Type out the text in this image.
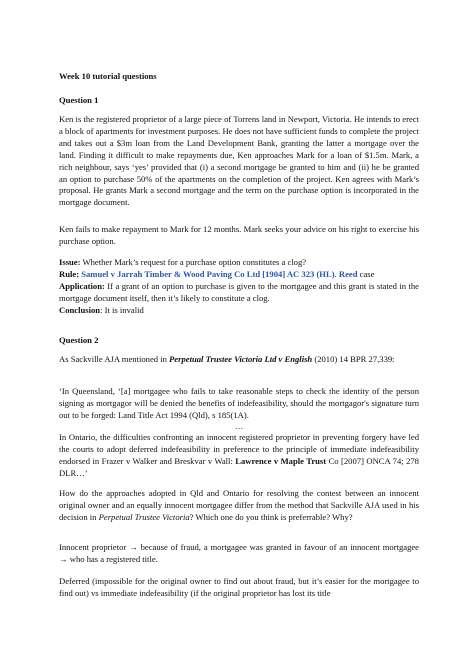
Week 10 tutorial questions
Question 1
Ken is the registered proprietor of a large piece of Torrens land in Newport, Victoria. He intends to erect a block of apartments for investment purposes. He does not have sufficient funds to complete the project and takes out a $3m loan from the Land Development Bank, granting the latter a mortgage over the land. Finding it difficult to make repayments due, Ken approaches Mark for a loan of $1.5m. Mark, a rich neighbour, says ‘yes’ provided that (i) a second mortgage be granted to him and (ii) he be granted an option to purchase 50% of the apartments on the completion of the project. Ken agrees with Mark’s proposal. He grants Mark a second mortgage and the term on the purchase option is incorporated in the mortgage document.
Ken fails to make repayment to Mark for 12 months. Mark seeks your advice on his right to exercise his purchase option.
Issue: Whether Mark’s request for a purchase option constitutes a clog?
Rule: Samuel v Jarrah Timber & Wood Paving Co Ltd [1904] AC 323 (HL). Reed case
Application: If a grant of an option to purchase is given to the mortgagee and this grant is stated in the mortgage document itself, then it’s likely to constitute a clog.
Conclusion: It is invalid
Question 2
As Sackville AJA mentioned in Perpetual Trustee Victoria Ltd v English (2010) 14 BPR 27,339:
‘In Queensland, ‘[a] mortgagee who fails to take reasonable steps to check the identity of the person signing as mortgagor will be denied the benefits of indefeasibility, should the mortgagor's signature turn out to be forged: Land Title Act 1994 (Qld), s 185(1A).
…
In Ontario, the difficulties confronting an innocent registered proprietor in preventing forgery have led the courts to adopt deferred indefeasibility in preference to the principle of immediate indefeasibility endorsed in Frazer v Walker and Breskvar v Wall: Lawrence v Maple Trust Co [2007] ONCA 74; 278 DLR…’
How do the approaches adopted in Qld and Ontario for resolving the contest between an innocent original owner and an equally innocent mortgagee differ from the method that Sackville AJA used in his decision in Perpetual Trustee Victoria? Which one do you think is preferrable? Why?
Innocent proprietor → because of fraud, a mortgagee was granted in favour of an innocent mortgagee → who has a registered title.
Deferred (impossible for the original owner to find out about fraud, but it’s easier for the mortgagee to find out) vs immediate indefeasibility (if the original proprietor has lost its title
